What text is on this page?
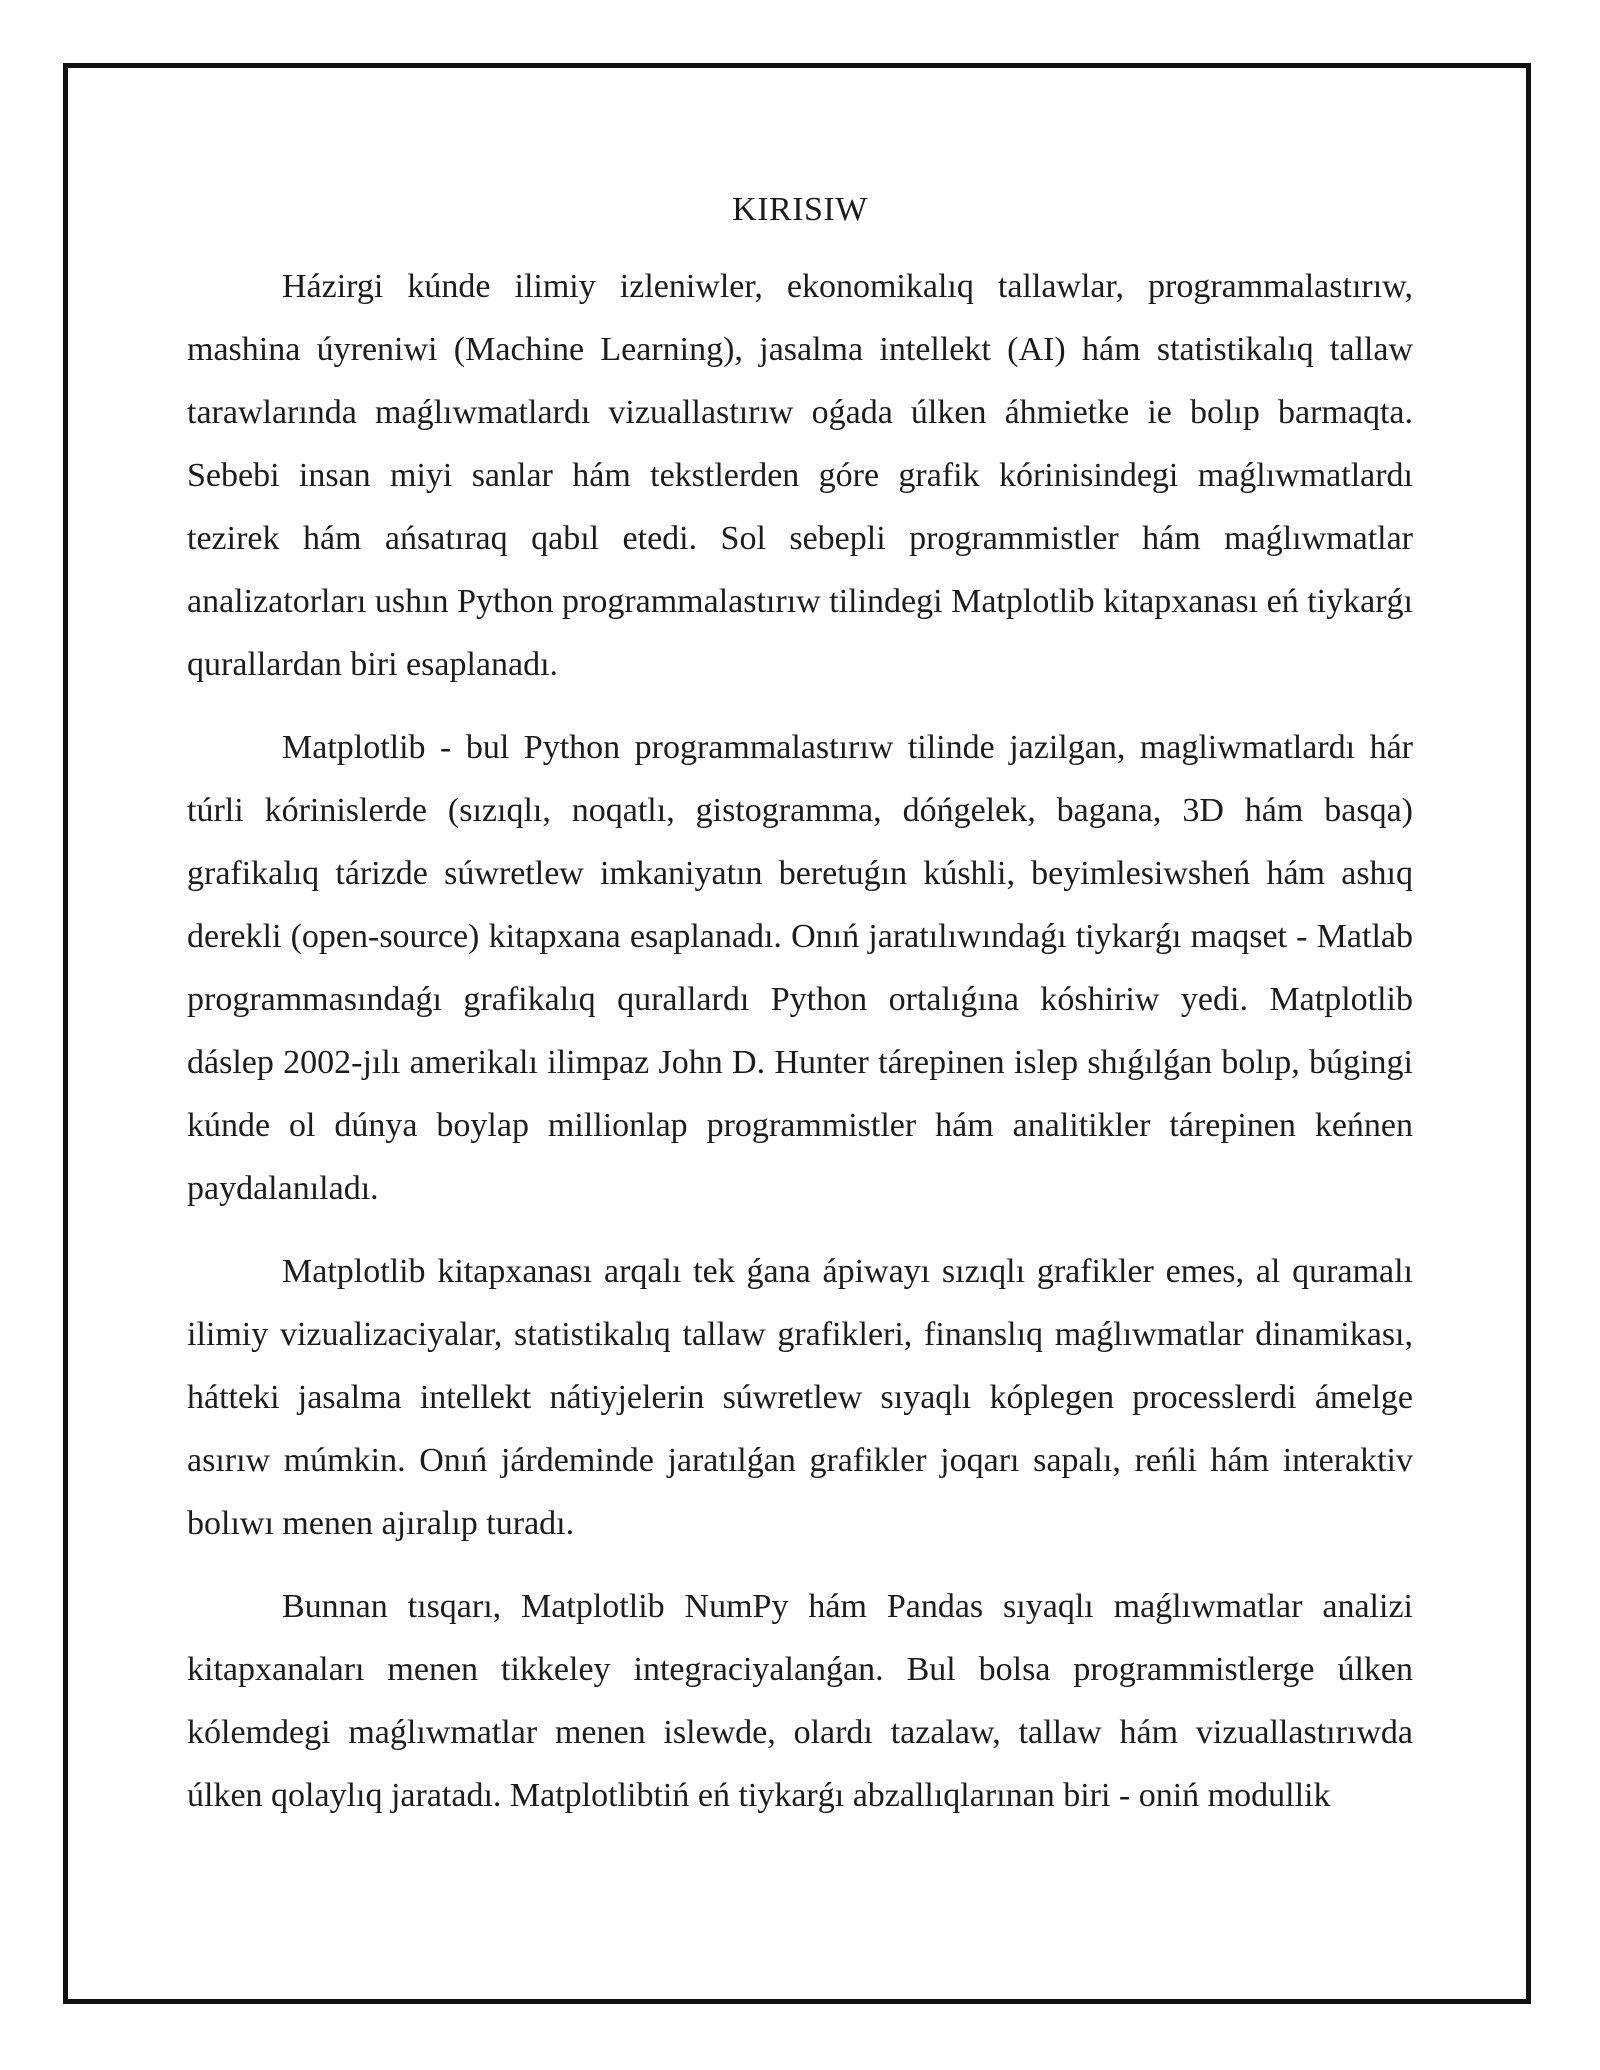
KIRISIW

Házirgi kúnde ilimiy izleniwler, ekonomikalıq tallawlar, programmalastırıw, mashina úyreniwi (Machine Learning), jasalma intellekt (AI) hám statistikalıq tallaw tarawlarında maǵlıwmatlardı vizuallastırıw oǵada úlken áhmietke ie bolıp barmaqta. Sebebi insan miyi sanlar hám tekstlerden góre grafik kórinisindegi maǵlıwmatlardı tezirek hám ańsatıraq qabıl etedi. Sol sebepli programmistler hám maǵlıwmatlar analizatorları ushın Python programmalastırıw tilindegi Matplotlib kitapxanası eń tiykarǵı qurallardan biri esaplanadı.

Matplotlib - bul Python programmalastırıw tilinde jazilgan, magliwmatlardı hár túrli kórinislerde (sızıqlı, noqatlı, gistogramma, dóńgelek, bagana, 3D hám basqa) grafikalıq tárizde súwretlew imkaniyatın beretuǵın kúshli, beyimlesiwsheń hám ashıq derekli (open-source) kitapxana esaplanadı. Onıń jaratılıwındaǵı tiykarǵı maqset - Matlab programmasındaǵı grafikalıq qurallardı Python ortalıǵına kóshiriw yedi. Matplotlib dáslep 2002-jılı amerikalı ilimpaz John D. Hunter tárepinen islep shıǵılǵan bolıp, búgingi kúnde ol dúnya boylap millionlap programmistler hám analitikler tárepinen keńnen paydalanıladı.

Matplotlib kitapxanası arqalı tek ǵana ápiwayı sızıqlı grafikler emes, al quramalı ilimiy vizualizaciyalar, statistikalıq tallaw grafikleri, finanslıq maǵlıwmatlar dinamikası, hátteki jasalma intellekt nátiyjelerin súwretlew sıyaqlı kóplegen processlerdi ámelge asırıw múmkin. Onıń járdeminde jaratılǵan grafikler joqarı sapalı, reńli hám interaktiv bolıwı menen ajıralıp turadı.

Bunnan tısqarı, Matplotlib NumPy hám Pandas sıyaqlı maǵlıwmatlar analizi kitapxanaları menen tikkeley integraciyalanǵan. Bul bolsa programmistlerge úlken kólemdegi maǵlıwmatlar menen islewde, olardı tazalaw, tallaw hám vizuallastırıwda úlken qolaylıq jaratadı. Matplotlibtiń eń tiykarǵı abzallıqlarınan biri - oniń modullik
